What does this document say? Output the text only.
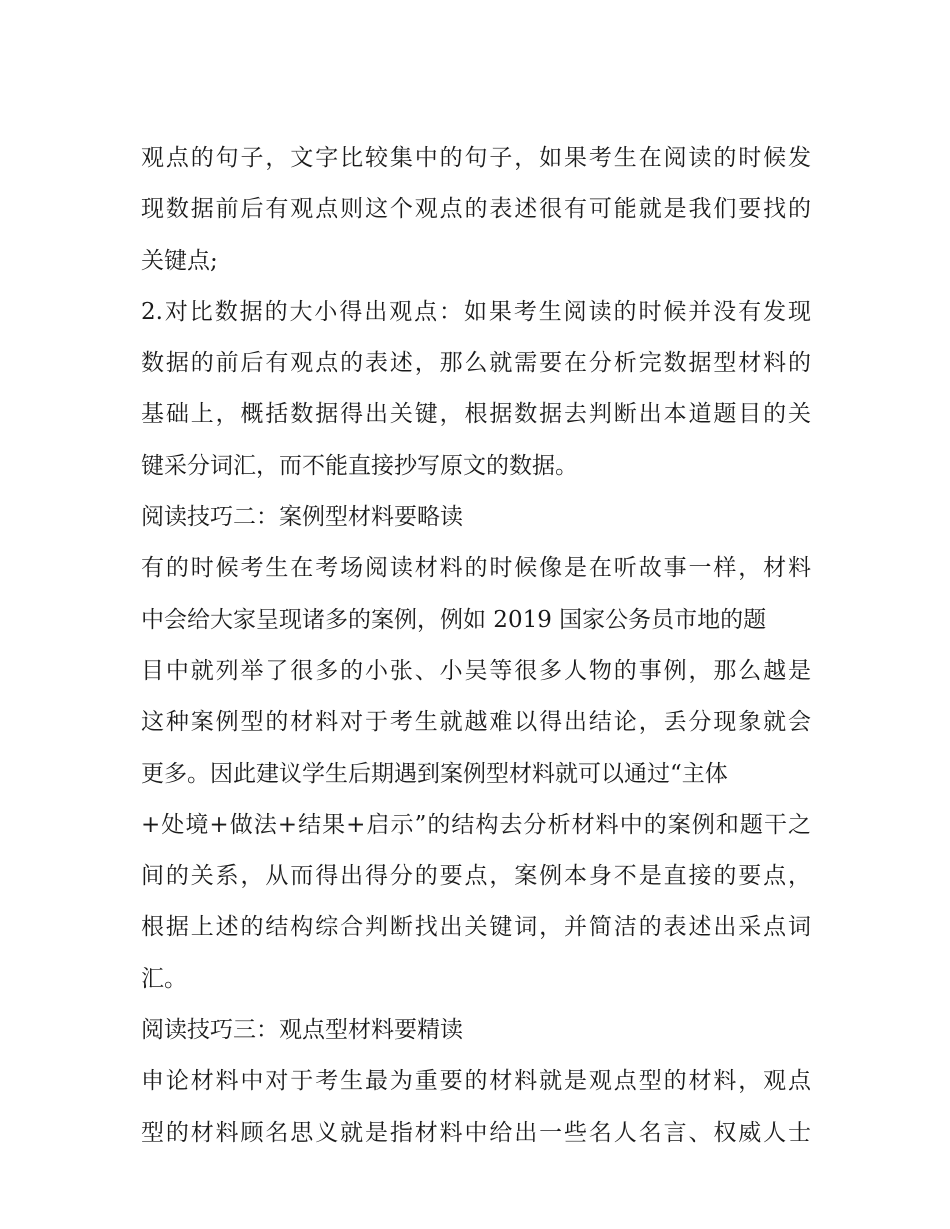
观点的句子，文字比较集中的句子，如果考生在阅读的时候发
现数据前后有观点则这个观点的表述很有可能就是我们要找的
关键点;
2.对比数据的大小得出观点：如果考生阅读的时候并没有发现
数据的前后有观点的表述，那么就需要在分析完数据型材料的
基础上，概括数据得出关键，根据数据去判断出本道题目的关
键采分词汇，而不能直接抄写原文的数据。
阅读技巧二：案例型材料要略读
有的时候考生在考场阅读材料的时候像是在听故事一样，材料
中会给大家呈现诸多的案例，例如 2019 国家公务员市地的题
目中就列举了很多的小张、小吴等很多人物的事例，那么越是
这种案例型的材料对于考生就越难以得出结论，丢分现象就会
更多。因此建议学生后期遇到案例型材料就可以通过“主体
+处境+做法+结果+启示”的结构去分析材料中的案例和题干之
间的关系，从而得出得分的要点，案例本身不是直接的要点，
根据上述的结构综合判断找出关键词，并简洁的表述出采点词
汇。
阅读技巧三：观点型材料要精读
申论材料中对于考生最为重要的材料就是观点型的材料，观点
型的材料顾名思义就是指材料中给出一些名人名言、权威人士
